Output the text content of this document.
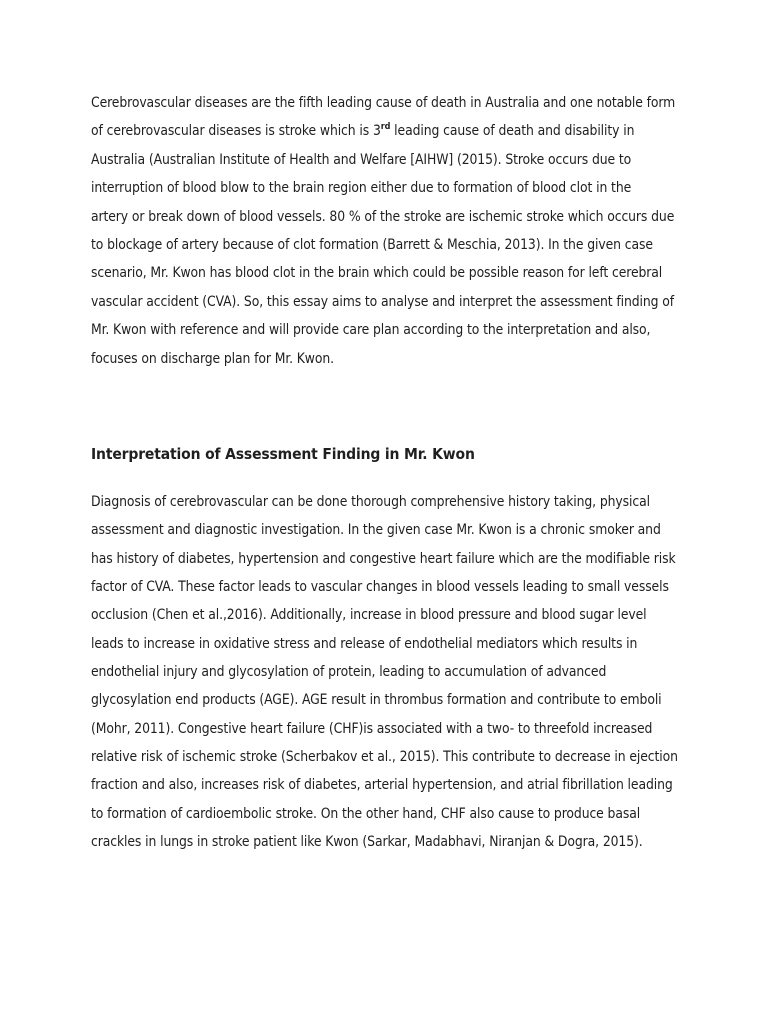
Cerebrovascular diseases are the fifth leading cause of death in Australia and one notable form
of cerebrovascular diseases is stroke which is 3rd leading cause of death and disability in
Australia (Australian Institute of Health and Welfare [AIHW] (2015). Stroke occurs due to
interruption of blood blow to the brain region either due to formation of blood clot in the
artery or break down of blood vessels. 80 % of the stroke are ischemic stroke which occurs due
to blockage of artery because of clot formation (Barrett & Meschia, 2013). In the given case
scenario, Mr. Kwon has blood clot in the brain which could be possible reason for left cerebral
vascular accident (CVA). So, this essay aims to analyse and interpret the assessment finding of
Mr. Kwon with reference and will provide care plan according to the interpretation and also,
focuses on discharge plan for Mr. Kwon.

Interpretation of Assessment Finding in Mr. Kwon

Diagnosis of cerebrovascular can be done thorough comprehensive history taking, physical
assessment and diagnostic investigation. In the given case Mr. Kwon is a chronic smoker and
has history of diabetes, hypertension and congestive heart failure which are the modifiable risk
factor of CVA. These factor leads to vascular changes in blood vessels leading to small vessels
occlusion (Chen et al.,2016). Additionally, increase in blood pressure and blood sugar level
leads to increase in oxidative stress and release of endothelial mediators which results in
endothelial injury and glycosylation of protein, leading to accumulation of advanced
glycosylation end products (AGE). AGE result in thrombus formation and contribute to emboli
(Mohr, 2011). Congestive heart failure (CHF)is associated with a two- to threefold increased
relative risk of ischemic stroke (Scherbakov et al., 2015). This contribute to decrease in ejection
fraction and also, increases risk of diabetes, arterial hypertension, and atrial fibrillation leading
to formation of cardioembolic stroke. On the other hand, CHF also cause to produce basal
crackles in lungs in stroke patient like Kwon (Sarkar, Madabhavi, Niranjan & Dogra, 2015).
